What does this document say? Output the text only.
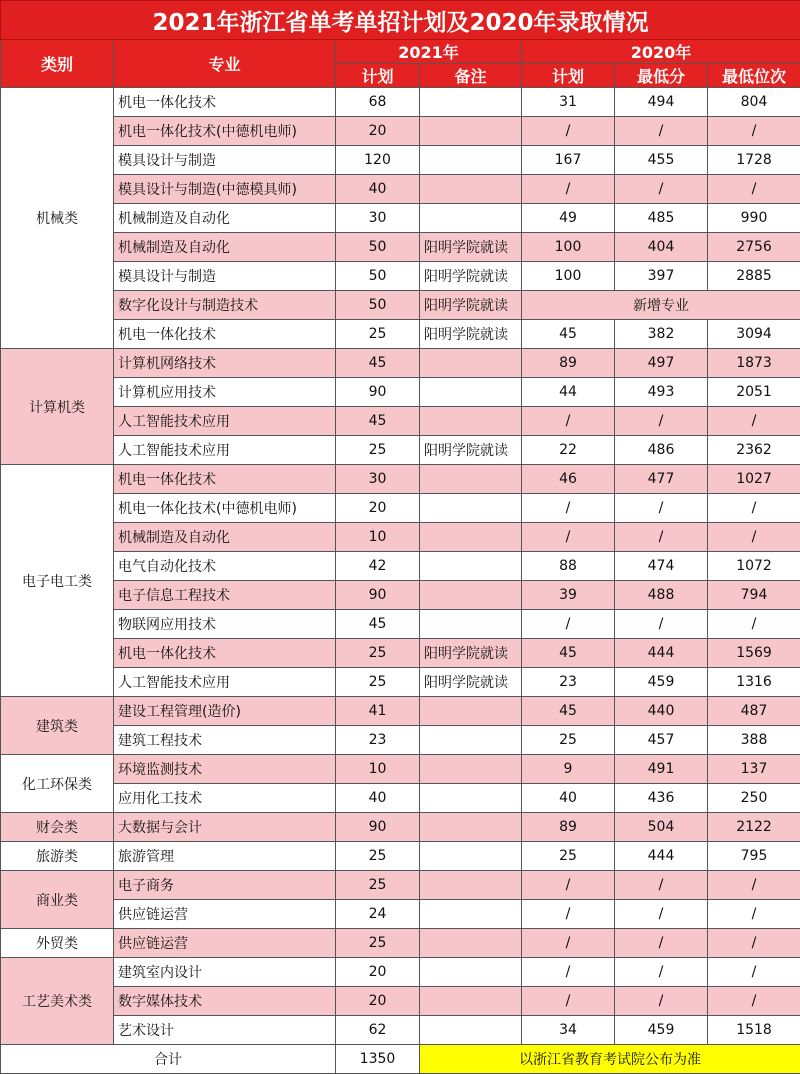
2021年浙江省单考单招计划及2020年录取情况						
类别	专业	2021年		2020年		
		计划	备注	计划	最低分	最低位次
机械类	机电一体化技术	68		31	494	804
	机电一体化技术(中德机电师)	20		/	/	/
	模具设计与制造	120		167	455	1728
	模具设计与制造(中德模具师)	40		/	/	/
	机械制造及自动化	30		49	485	990
	机械制造及自动化	50	阳明学院就读	100	404	2756
	模具设计与制造	50	阳明学院就读	100	397	2885
	数字化设计与制造技术	50	阳明学院就读	新增专业		
	机电一体化技术	25	阳明学院就读	45	382	3094
计算机类	计算机网络技术	45		89	497	1873
	计算机应用技术	90		44	493	2051
	人工智能技术应用	45		/	/	/
	人工智能技术应用	25	阳明学院就读	22	486	2362
电子电工类	机电一体化技术	30		46	477	1027
	机电一体化技术(中德机电师)	20		/	/	/
	机械制造及自动化	10		/	/	/
	电气自动化技术	42		88	474	1072
	电子信息工程技术	90		39	488	794
	物联网应用技术	45		/	/	/
	机电一体化技术	25	阳明学院就读	45	444	1569
	人工智能技术应用	25	阳明学院就读	23	459	1316
建筑类	建设工程管理(造价)	41		45	440	487
	建筑工程技术	23		25	457	388
化工环保类	环境监测技术	10		9	491	137
	应用化工技术	40		40	436	250
财会类	大数据与会计	90		89	504	2122
旅游类	旅游管理	25		25	444	795
商业类	电子商务	25		/	/	/
	供应链运营	24		/	/	/
外贸类	供应链运营	25		/	/	/
工艺美术类	建筑室内设计	20		/	/	/
	数字媒体技术	20		/	/	/
	艺术设计	62		34	459	1518
合计		1350	以浙江省教育考试院公布为准			
